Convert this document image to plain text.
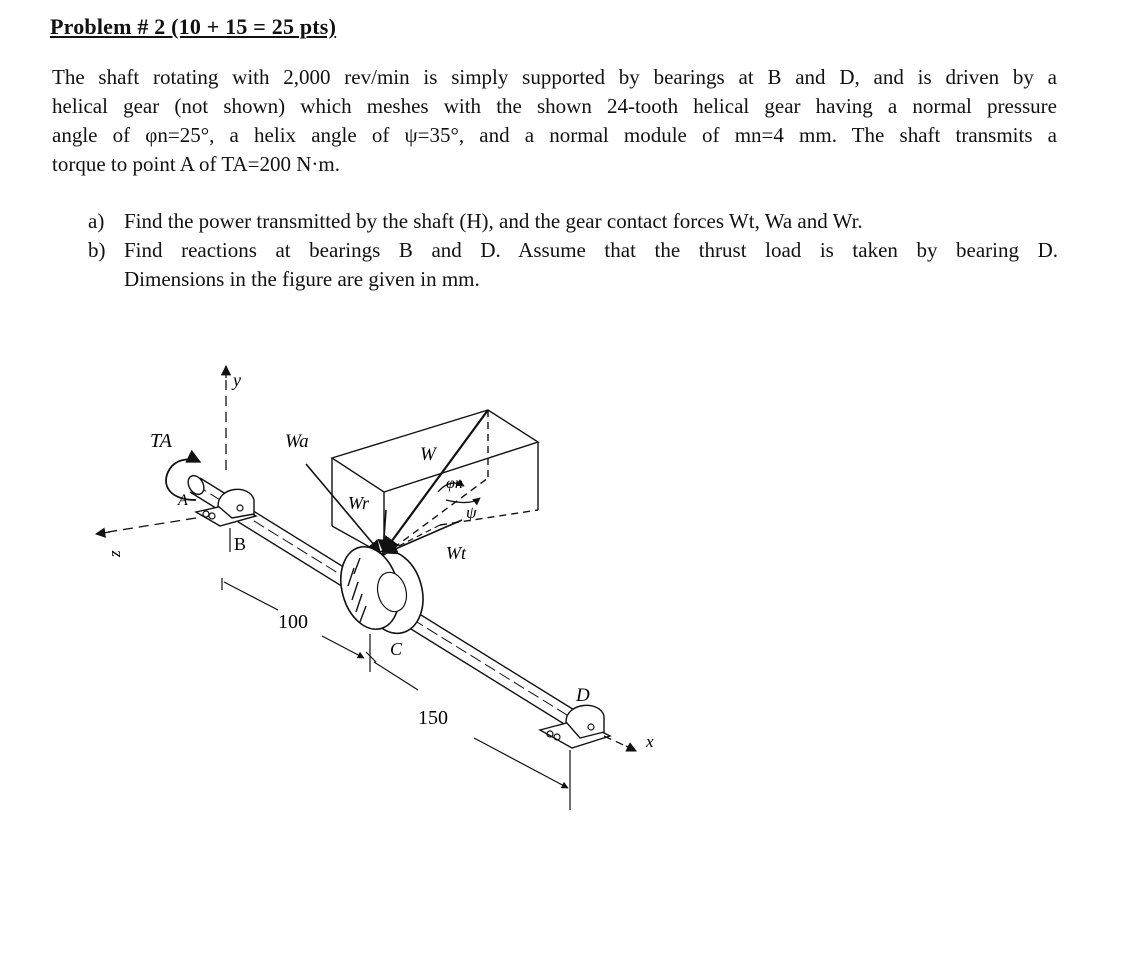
Problem # 2 (10 + 15 = 25 pts)
The shaft rotating with 2,000 rev/min is simply supported by bearings at B and D, and is driven by a
helical gear (not shown) which meshes with the shown 24-tooth helical gear having a normal pressure
angle of φn=25°, a helix angle of ψ=35°, and a normal module of mn=4 mm. The shaft transmits a
torque to point A of TA=200 N·m.
a) Find the power transmitted by the shaft (H), and the gear contact forces Wt, Wa and Wr.
b) Find reactions at bearings B and D. Assume that the thrust load is taken by bearing D.
Dimensions in the figure are given in mm.
y
z
TA
A
B
W
Wa
Wr
Wt
φn
ψ
C
D
x
100
150
